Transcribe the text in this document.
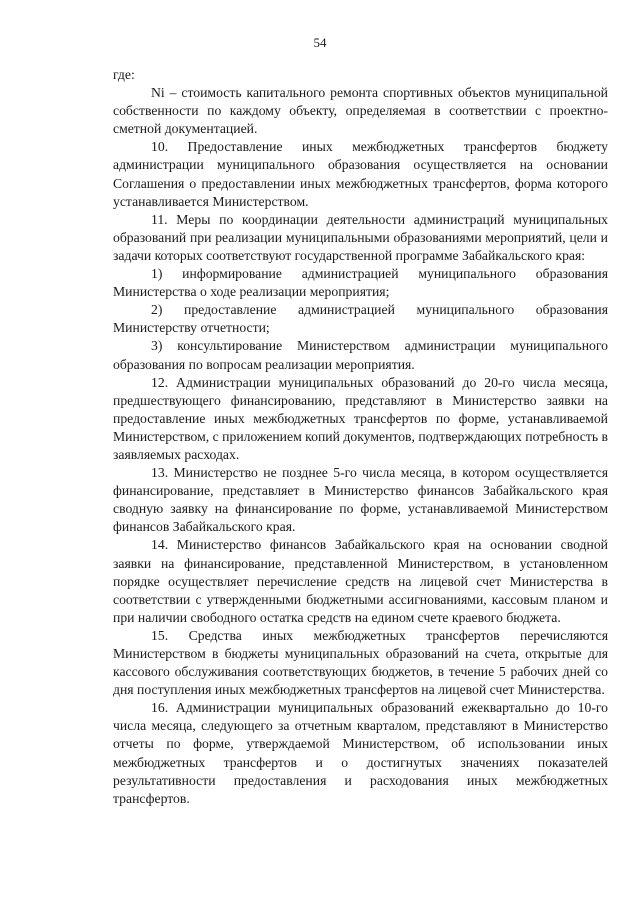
54

где:

Ni – стоимость капитального ремонта спортивных объектов муниципальной собственности по каждому объекту, определяемая в соответствии с проектно-сметной документацией.

10. Предоставление иных межбюджетных трансфертов бюджету администрации муниципального образования осуществляется на основании Соглашения о предоставлении иных межбюджетных трансфертов, форма которого устанавливается Министерством.

11. Меры по координации деятельности администраций муниципальных образований при реализации муниципальными образованиями мероприятий, цели и задачи которых соответствуют государственной программе Забайкальского края:

1) информирование администрацией муниципального образования Министерства о ходе реализации мероприятия;

2) предоставление администрацией муниципального образования Министерству отчетности;

3) консультирование Министерством администрации муниципального образования по вопросам реализации мероприятия.

12. Администрации муниципальных образований до 20-го числа месяца, предшествующего финансированию, представляют в Министерство заявки на предоставление иных межбюджетных трансфертов по форме, устанавливаемой Министерством, с приложением копий документов, подтверждающих потребность в заявляемых расходах.

13. Министерство не позднее 5-го числа месяца, в котором осуществляется финансирование, представляет в Министерство финансов Забайкальского края сводную заявку на финансирование по форме, устанавливаемой Министерством финансов Забайкальского края.

14. Министерство финансов Забайкальского края на основании сводной заявки на финансирование, представленной Министерством, в установленном порядке осуществляет перечисление средств на лицевой счет Министерства в соответствии с утвержденными бюджетными ассигнованиями, кассовым планом и при наличии свободного остатка средств на едином счете краевого бюджета.

15. Средства иных межбюджетных трансфертов перечисляются Министерством в бюджеты муниципальных образований на счета, открытые для кассового обслуживания соответствующих бюджетов, в течение 5 рабочих дней со дня поступления иных межбюджетных трансфертов на лицевой счет Министерства.

16. Администрации муниципальных образований ежеквартально до 10-го числа месяца, следующего за отчетным кварталом, представляют в Министерство отчеты по форме, утверждаемой Министерством, об использовании иных межбюджетных трансфертов и о достигнутых значениях показателей результативности предоставления и расходования иных межбюджетных трансфертов.
